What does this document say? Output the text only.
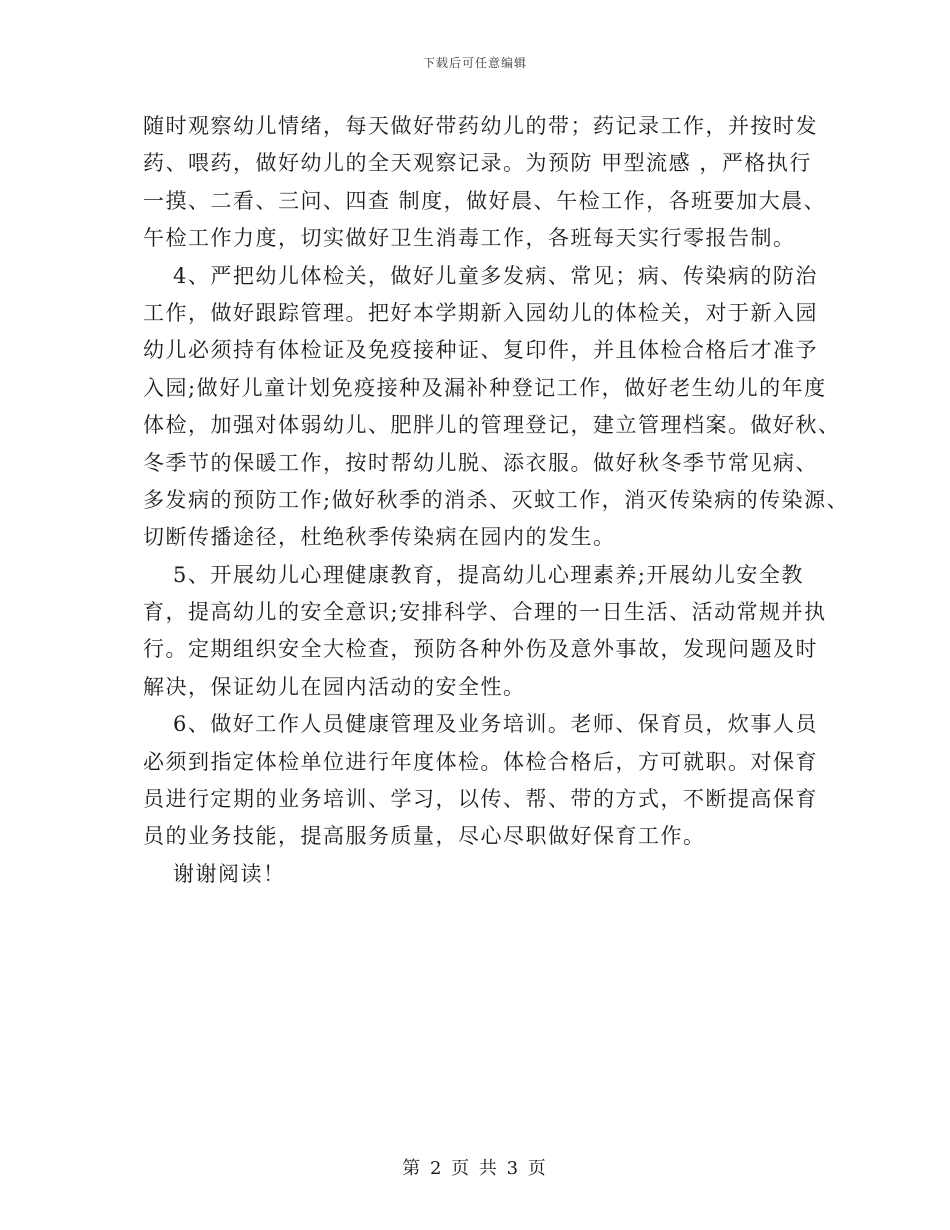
下载后可任意编辑
随时观察幼儿情绪，每天做好带药幼儿的带；药记录工作，并按时发
药、喂药，做好幼儿的全天观察记录。为预防 甲型流感 ，严格执行
一摸、二看、三问、四查 制度，做好晨、午检工作，各班要加大晨、
午检工作力度，切实做好卫生消毒工作，各班每天实行零报告制。
4、严把幼儿体检关，做好儿童多发病、常见；病、传染病的防治
工作，做好跟踪管理。把好本学期新入园幼儿的体检关，对于新入园
幼儿必须持有体检证及免疫接种证、复印件，并且体检合格后才准予
入园;做好儿童计划免疫接种及漏补种登记工作，做好老生幼儿的年度
体检，加强对体弱幼儿、肥胖儿的管理登记，建立管理档案。做好秋、
冬季节的保暖工作，按时帮幼儿脱、添衣服。做好秋冬季节常见病、
多发病的预防工作;做好秋季的消杀、灭蚊工作，消灭传染病的传染源、
切断传播途径，杜绝秋季传染病在园内的发生。
5、开展幼儿心理健康教育，提高幼儿心理素养;开展幼儿安全教
育，提高幼儿的安全意识;安排科学、合理的一日生活、活动常规并执
行。定期组织安全大检查，预防各种外伤及意外事故，发现问题及时
解决，保证幼儿在园内活动的安全性。
6、做好工作人员健康管理及业务培训。老师、保育员，炊事人员
必须到指定体检单位进行年度体检。体检合格后，方可就职。对保育
员进行定期的业务培训、学习，以传、帮、带的方式，不断提高保育
员的业务技能，提高服务质量，尽心尽职做好保育工作。
谢谢阅读！
第 2 页 共 3 页
